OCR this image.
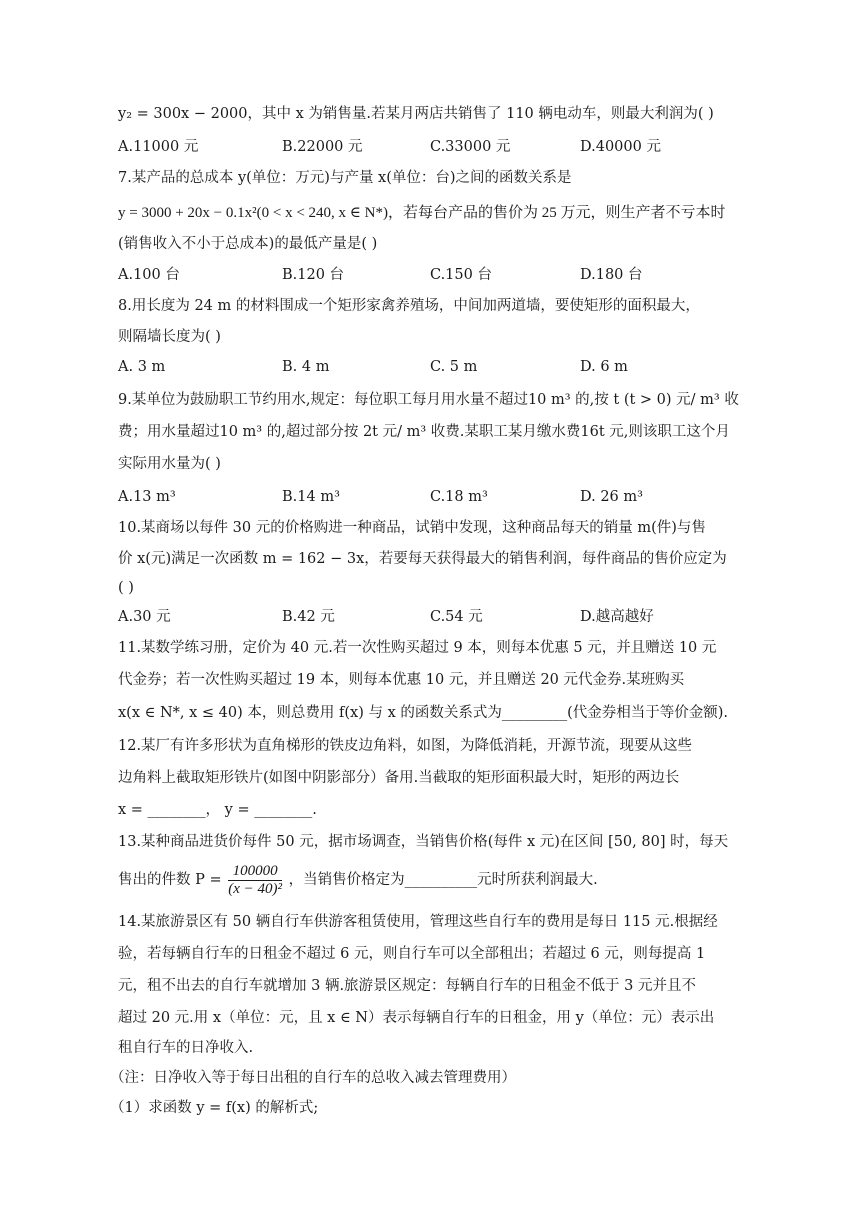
y₂ = 300x − 2000，其中 x 为销售量.若某月两店共销售了 110 辆电动车，则最大利润为( )
A.11000 元	B.22000 元	C.33000 元	D.40000 元
7.某产品的总成本 y(单位：万元)与产量 x(单位：台)之间的函数关系是
y = 3000 + 20x − 0.1x²(0 < x < 240, x ∈ N*)，若每台产品的售价为 25 万元，则生产者不亏本时
(销售收入不小于总成本)的最低产量是( )
A.100 台	B.120 台	C.150 台	D.180 台
8.用长度为 24 m 的材料围成一个矩形家禽养殖场，中间加两道墙，要使矩形的面积最大，
则隔墙长度为( )
A. 3 m	B. 4 m	C. 5 m	D. 6 m
9.某单位为鼓励职工节约用水,规定：每位职工每月用水量不超过10 m³ 的,按 t (t > 0) 元/ m³ 收
费；用水量超过10 m³ 的,超过部分按 2t 元/ m³ 收费.某职工某月缴水费16t 元,则该职工这个月
实际用水量为( )
A.13 m³	B.14 m³	C.18 m³	D. 26 m³
10.某商场以每件 30 元的价格购进一种商品，试销中发现，这种商品每天的销量 m(件)与售
价 x(元)满足一次函数 m = 162 − 3x，若要每天获得最大的销售利润，每件商品的售价应定为
( )
A.30 元	B.42 元	C.54 元	D.越高越好
11.某数学练习册，定价为 40 元.若一次性购买超过 9 本，则每本优惠 5 元，并且赠送 10 元
代金券；若一次性购买超过 19 本，则每本优惠 10 元，并且赠送 20 元代金券.某班购买
x(x ∈ N*, x ≤ 40) 本，则总费用 f(x) 与 x 的函数关系式为_________(代金券相当于等价金额).
12.某厂有许多形状为直角梯形的铁皮边角料，如图，为降低消耗，开源节流，现要从这些
边角料上截取矩形铁片(如图中阴影部分）备用.当截取的矩形面积最大时，矩形的两边长
x = ________， y = ________.
13.某种商品进货价每件 50 元，据市场调查，当销售价格(每件 x 元)在区间 [50, 80] 时，每天
售出的件数 $P = \frac{100000}{\text{(x − 40)²}}$ ，当销售价格定为__________元时所获利润最大.
14.某旅游景区有 50 辆自行车供游客租赁使用，管理这些自行车的费用是每日 115 元.根据经
验，若每辆自行车的日租金不超过 6 元，则自行车可以全部租出；若超过 6 元，则每提高 1
元，租不出去的自行车就增加 3 辆.旅游景区规定：每辆自行车的日租金不低于 3 元并且不
超过 20 元.用 x（单位：元，且 x ∈ N）表示每辆自行车的日租金，用 y（单位：元）表示出
租自行车的日净收入.
（注：日净收入等于每日出租的自行车的总收入减去管理费用）
（1）求函数 y = f(x) 的解析式;
